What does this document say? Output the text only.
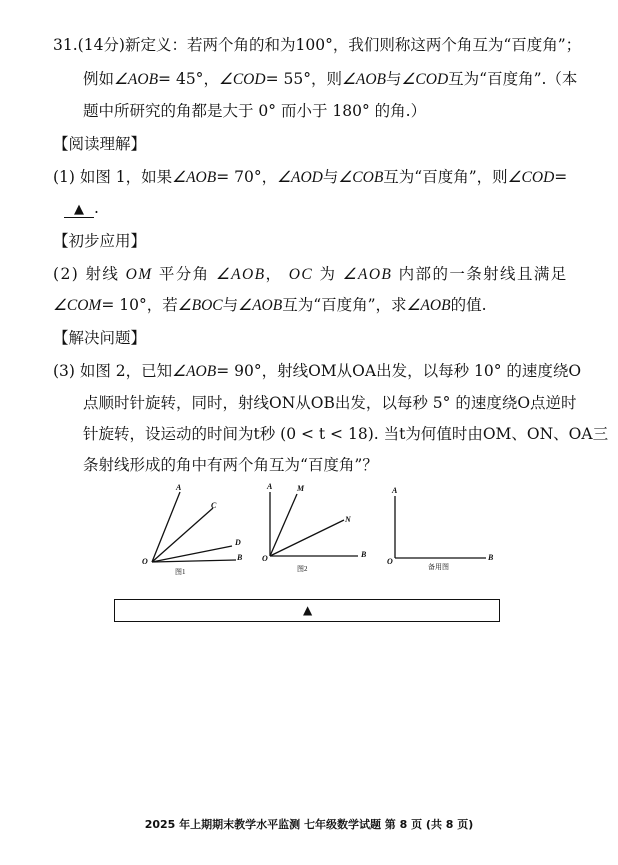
31.(14分)新定义：若两个角的和为100°，我们则称这两个角互为“百度角”；
例如∠AOB= 45°，∠COD= 55°，则∠AOB与∠COD互为“百度角”.（本
题中所研究的角都是大于 0° 而小于 180° 的角.）
【阅读理解】
(1) 如图 1，如果∠AOB= 70°，∠AOD与∠COB互为“百度角”，则∠COD=
▲ .
【初步应用】
(2) 射线 OM 平分角 ∠AOB， OC 为 ∠AOB 内部的一条射线且满足
∠COM= 10°，若∠BOC与∠AOB互为“百度角”，求∠AOB的值.
【解决问题】
(3) 如图 2，已知∠AOB= 90°，射线OM从OA出发，以每秒 10° 的速度绕O
点顺时针旋转，同时，射线ON从OB出发，以每秒 5° 的速度绕O点逆时
针旋转，设运动的时间为t秒 (0 < t < 18). 当t为何值时由OM、ON、OA三
条射线形成的角中有两个角互为“百度角”？
A
C
D
B
O
图1
A	M
N
B
O
图2
A
B
O
备用图
▲
2025 年上期期末教学水平监测 七年级数学试题 第 8 页 (共 8 页)
